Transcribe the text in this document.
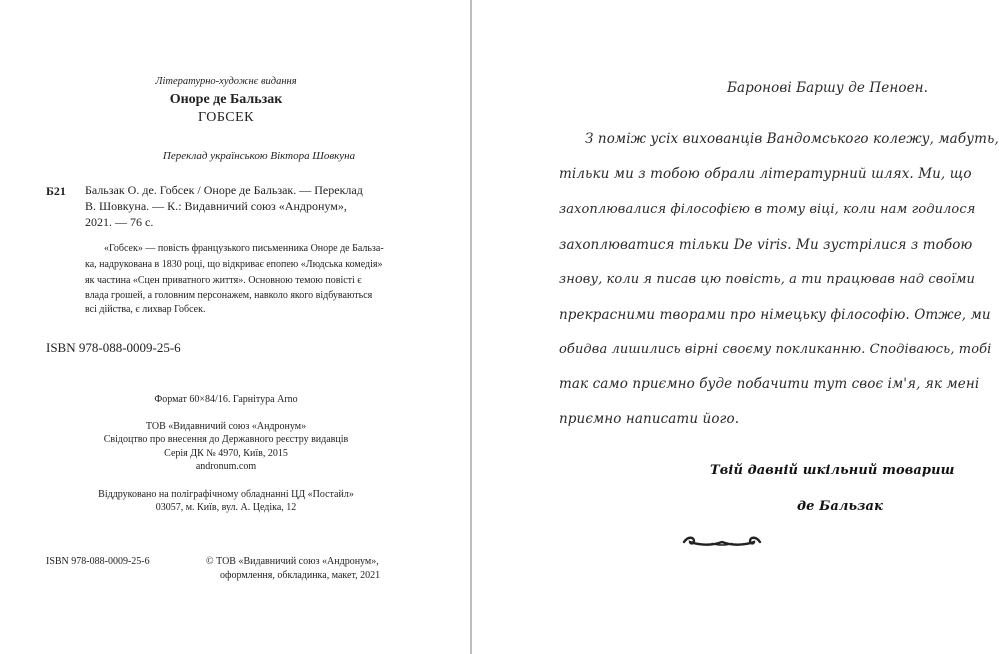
Літературно-художнє видання
Оноре де Бальзак
ГОБСЕК
Переклад українською Віктора Шовкуна
Б21 Бальзак О. де. Гобсек / Оноре де Бальзак. — Переклад
В. Шовкуна. — К.: Видавничий союз «Андронум»,
2021. — 76 с.
«Гобсек» — повість французького письменника Оноре де Бальза-
ка, надрукована в 1830 році, що відкриває епопею «Людська комедія»
як частина «Сцен приватного життя». Основною темою повісті є
влада грошей, а головним персонажем, навколо якого відбуваються
всі дійства, є лихвар Гобсек.
ISBN 978-088-0009-25-6
Формат 60×84/16. Гарнітура Arno
ТОВ «Видавничий союз «Андронум»
Свідоцтво про внесення до Державного реєстру видавців
Серія ДК № 4970, Київ, 2015
andronum.com
Віддруковано на поліграфічному обладнанні ЦД «Постайл»
03057, м. Київ, вул. А. Цедіка, 12
ISBN 978-088-0009-25-6	© ТОВ «Видавничий союз «Андронум»,
оформлення, обкладинка, макет, 2021
Бароновi Баршу де Пеноен.
З поміж усіх вихованців Вандомського колежу, мабуть,
тільки ми з тобою обрали літературний шлях. Ми, що
захоплювалися філософією в тому віці, коли нам годилося
захоплюватися тільки De viris. Ми зустрілися з тобою
знову, коли я писав цю повість, а ти працював над своїми
прекрасними творами про німецьку філософію. Отже, ми
обидва лишились вірні своєму покликанню. Сподіваюсь, тобі
так само приємно буде побачити тут своє ім'я, як мені
приємно написати його.
Твій давній шкільний товариш
де Бальзак
